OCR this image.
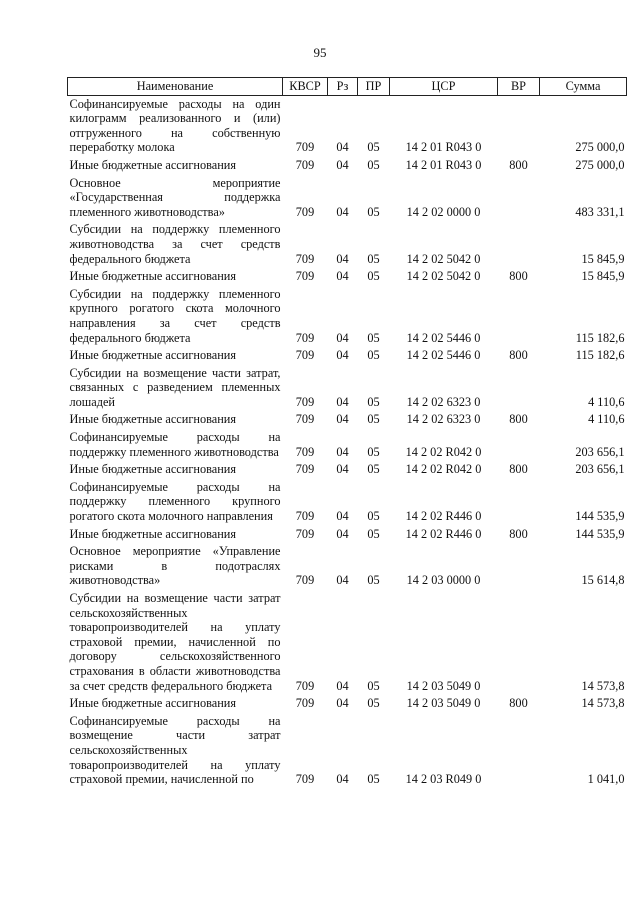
95
Наименование	КВСР	Рз	ПР	ЦСР	ВР	Сумма
Софинансируемые расходы на один килограмм реализованного и (или) отгруженного на собственную переработку молока	709	04	05	14 2 01 R043 0		275 000,0
Иные бюджетные ассигнования	709	04	05	14 2 01 R043 0	800	275 000,0
Основное мероприятие «Государственная поддержка племенного животноводства»	709	04	05	14 2 02 0000 0		483 331,1
Субсидии на поддержку племенного животноводства за счет средств федерального бюджета	709	04	05	14 2 02 5042 0		15 845,9
Иные бюджетные ассигнования	709	04	05	14 2 02 5042 0	800	15 845,9
Субсидии на поддержку племенного крупного рогатого скота молочного направления за счет средств федерального бюджета	709	04	05	14 2 02 5446 0		115 182,6
Иные бюджетные ассигнования	709	04	05	14 2 02 5446 0	800	115 182,6
Субсидии на возмещение части затрат, связанных с разведением племенных лошадей	709	04	05	14 2 02 6323 0		4 110,6
Иные бюджетные ассигнования	709	04	05	14 2 02 6323 0	800	4 110,6
Софинансируемые расходы на поддержку племенного животноводства	709	04	05	14 2 02 R042 0		203 656,1
Иные бюджетные ассигнования	709	04	05	14 2 02 R042 0	800	203 656,1
Софинансируемые расходы на поддержку племенного крупного рогатого скота молочного направления	709	04	05	14 2 02 R446 0		144 535,9
Иные бюджетные ассигнования	709	04	05	14 2 02 R446 0	800	144 535,9
Основное мероприятие «Управление рисками в подотраслях животноводства»	709	04	05	14 2 03 0000 0		15 614,8
Субсидии на возмещение части затрат сельскохозяйственных товаропроизводителей на уплату страховой премии, начисленной по договору сельскохозяйственного страхования в области животноводства за счет средств федерального бюджета	709	04	05	14 2 03 5049 0		14 573,8
Иные бюджетные ассигнования	709	04	05	14 2 03 5049 0	800	14 573,8
Софинансируемые расходы на возмещение части затрат сельскохозяйственных товаропроизводителей на уплату страховой премии, начисленной по	709	04	05	14 2 03 R049 0		1 041,0
